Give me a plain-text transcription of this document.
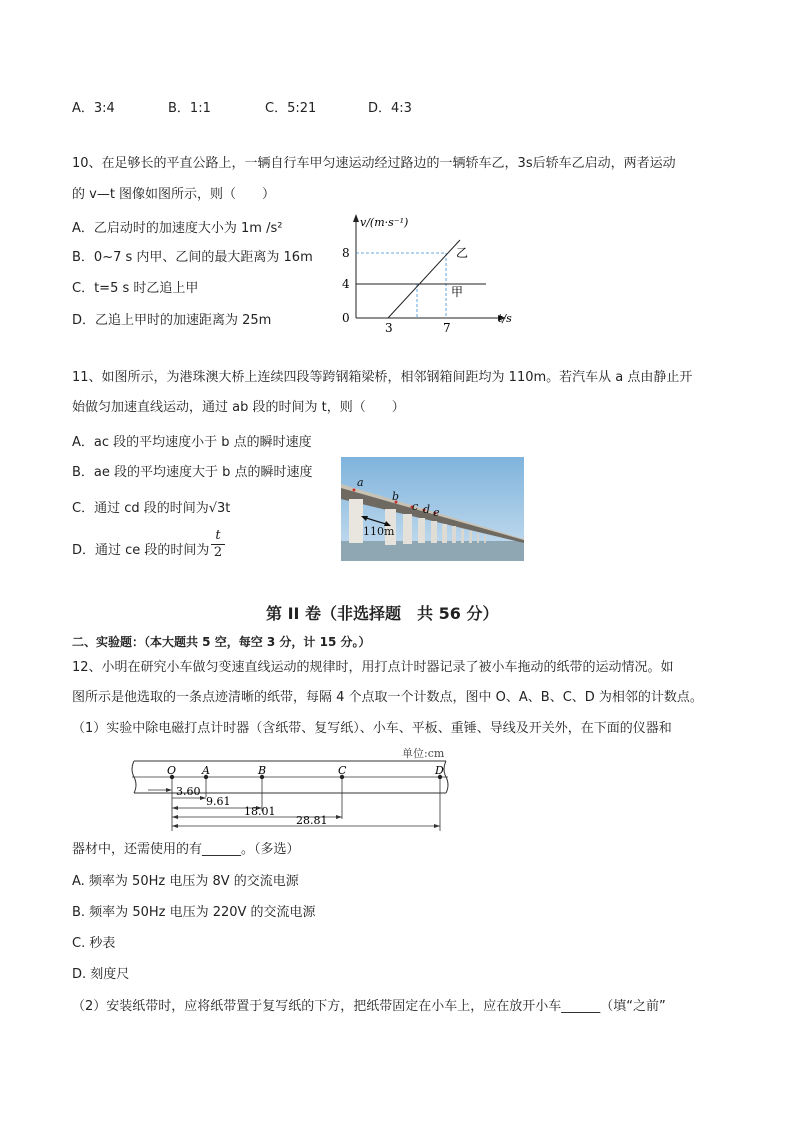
A．3:4	B．1:1	C．5:21	D．4:3
10、在足够长的平直公路上，一辆自行车甲匀速运动经过路边的一辆轿车乙，3s后轿车乙启动，两者运动
的 v—t 图像如图所示，则（　　）
A．乙启动时的加速度大小为 1m /s²
B．0~7 s 内甲、乙间的最大距离为 16m
C．t=5 s 时乙追上甲
D．乙追上甲时的加速距离为 25m
v/(m·s⁻¹)
t/s
0
8
4
3	7
乙
甲
11、如图所示，为港珠澳大桥上连续四段等跨钢箱梁桥，相邻钢箱间距均为 110m。若汽车从 a 点由静止开
始做匀加速直线运动，通过 ab 段的时间为 t，则（　　）
A．ac 段的平均速度小于 b 点的瞬时速度
B．ae 段的平均速度大于 b 点的瞬时速度
C．通过 cd 段的时间为√3t
D．通过 ce 段的时间为
t
2
a
b
c d e
110m
第 II 卷（非选择题　共 56 分）
二、实验题：（本大题共 5 空，每空 3 分，计 15 分。）
12、小明在研究小车做匀变速直线运动的规律时，用打点计时器记录了被小车拖动的纸带的运动情况。如
图所示是他选取的一条点迹清晰的纸带，每隔 4 个点取一个计数点，图中 O、A、B、C、D 为相邻的计数点。
（1）实验中除电磁打点计时器（含纸带、复写纸）、小车、平板、重锤、导线及开关外，在下面的仪器和
单位:cm
O A	B	C	D
3.60
9.61
18.01
28.81
器材中，还需使用的有______。（多选）
A. 频率为 50Hz 电压为 8V 的交流电源
B. 频率为 50Hz 电压为 220V 的交流电源
C. 秒表
D. 刻度尺
（2）安装纸带时，应将纸带置于复写纸的下方，把纸带固定在小车上，应在放开小车______（填“之前”
